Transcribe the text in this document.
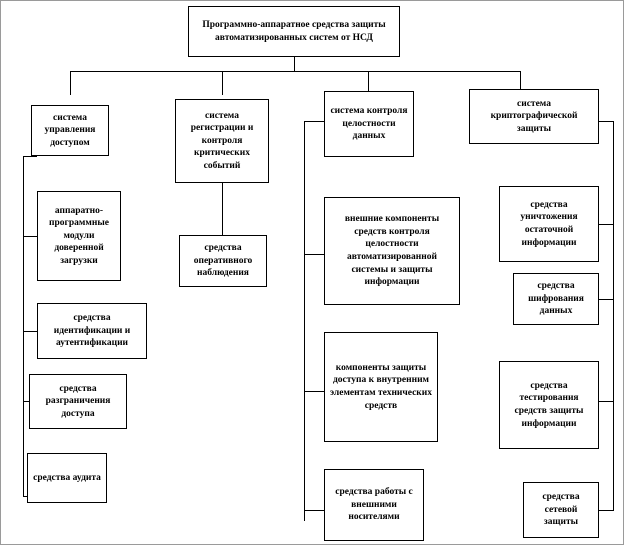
Программно-аппаратное средства защиты автоматизированных систем от НСД
система управления доступом
аппаратно-программные модули доверенной загрузки
средства идентификации и аутентификации
средства разграничения доступа
средства аудита
система регистрации и контроля критических событий
средства оперативного наблюдения
система контроля целостности данных
внешние компоненты средств контроля целостности автоматизированной системы и защиты информации
компоненты защиты доступа к внутренним элементам технических средств
средства работы с внешними носителями
система криптографической защиты
средства уничтожения остаточной информации
средства шифрования данных
средства тестирования средств защиты информации
средства сетевой защиты
